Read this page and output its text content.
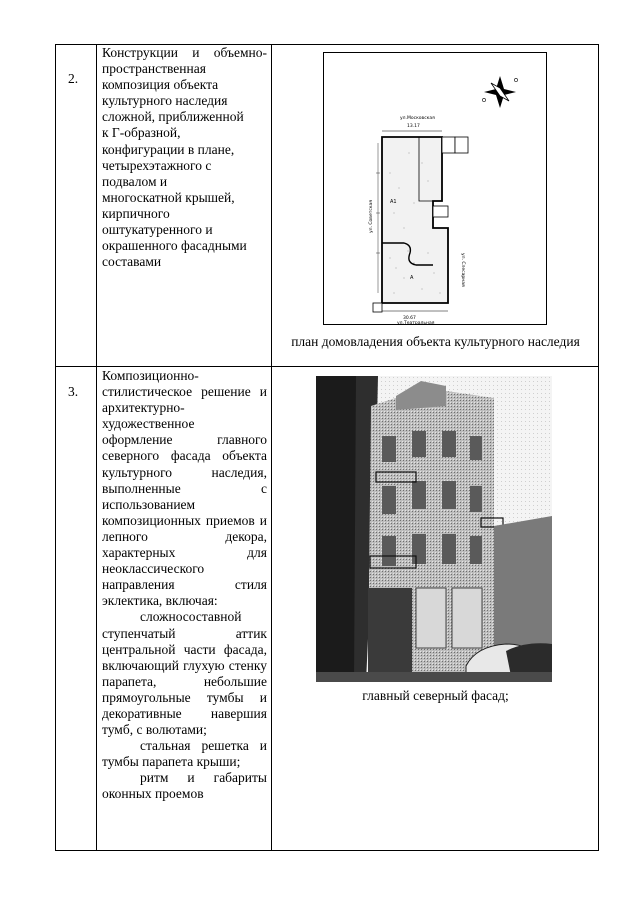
2.

Конструкции и объемно-пространственная

композиция объекта

культурного наследия

сложной, приближенной

к Г-образной,

конфигурации в плане,

четырехэтажного с

подвалом и

многоскатной крышей,

кирпичного

оштукатуренного и

окрашенного фасадными

составами

ул.Московская
13.17
30.67
ул.Театральная
ул. Слесарная
ул. Советская	А1
А
план домовладения объекта культурного наследия
3.

Композиционно-стилистическое решение и архитектурно-художественное оформление главного северного фасада объекта культурного наследия, выполненные с использованием композиционных приемов и лепного декора, характерных для неоклассического направления стиля эклектика, включая:

сложносоставной ступенчатый аттик центральной части фасада, включающий глухую стенку парапета, небольшие прямоугольные тумбы и декоративные навершия тумб, с волютами;

стальная решетка и тумбы парапета крыши;

ритм и габариты оконных проемов

главный северный фасад;
